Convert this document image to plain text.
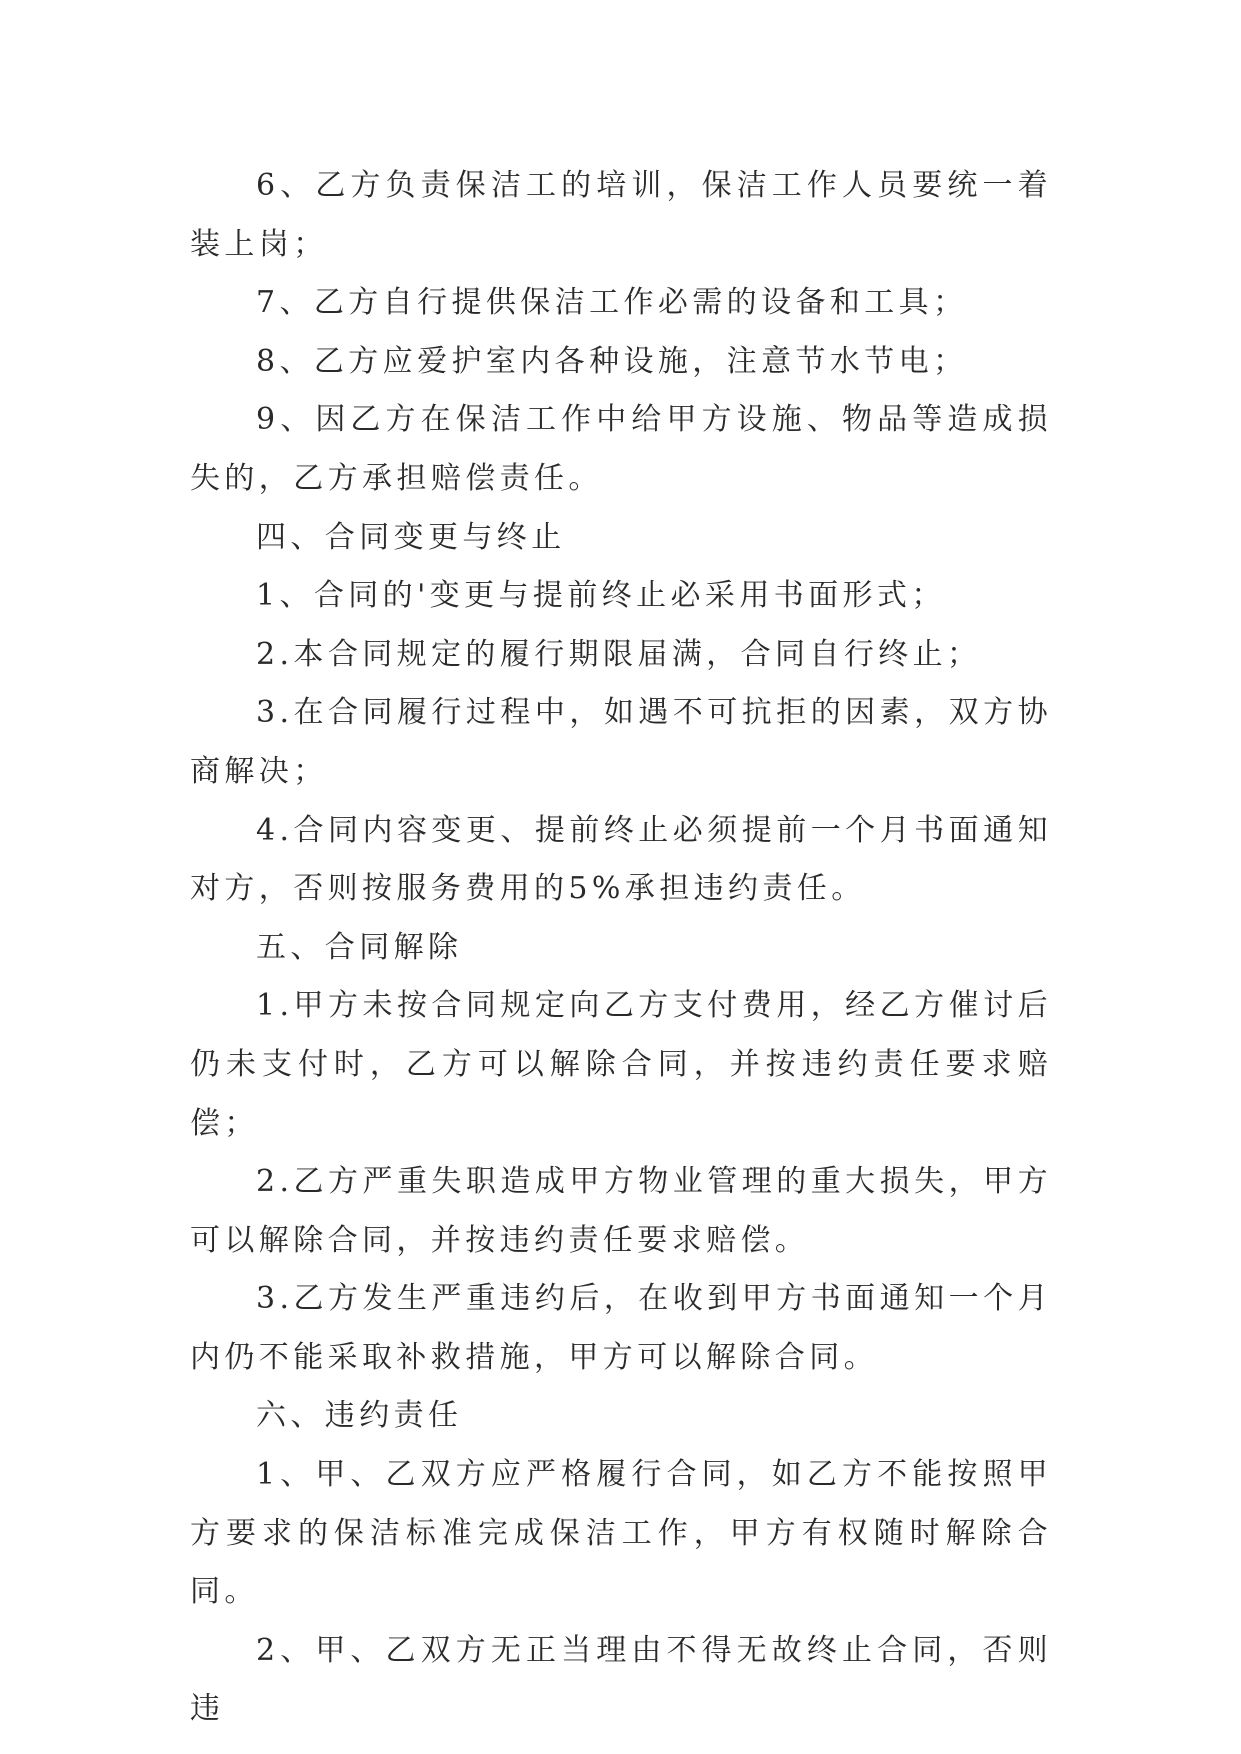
6、乙方负责保洁工的培训，保洁工作人员要统一着装上岗；

7、乙方自行提供保洁工作必需的设备和工具；

8、乙方应爱护室内各种设施，注意节水节电；

9、因乙方在保洁工作中给甲方设施、物品等造成损失的，乙方承担赔偿责任。

四、合同变更与终止

1、合同的'变更与提前终止必采用书面形式；

2.本合同规定的履行期限届满，合同自行终止；

3.在合同履行过程中，如遇不可抗拒的因素，双方协商解决；

4.合同内容变更、提前终止必须提前一个月书面通知对方，否则按服务费用的5%承担违约责任。

五、合同解除

1.甲方未按合同规定向乙方支付费用，经乙方催讨后仍未支付时，乙方可以解除合同，并按违约责任要求赔偿；

2.乙方严重失职造成甲方物业管理的重大损失，甲方可以解除合同，并按违约责任要求赔偿。

3.乙方发生严重违约后，在收到甲方书面通知一个月内仍不能采取补救措施，甲方可以解除合同。

六、违约责任

1、甲、乙双方应严格履行合同，如乙方不能按照甲方要求的保洁标准完成保洁工作，甲方有权随时解除合同。

2、甲、乙双方无正当理由不得无故终止合同，否则违
